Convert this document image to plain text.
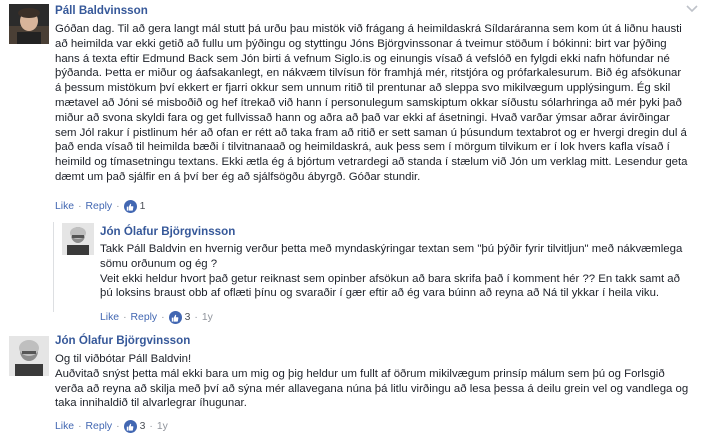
Páll Baldvinsson
Góðan dag. Til að gera langt mál stutt þá urðu þau mistök við frágang á heimildaskrá Síldaráranna sem kom út á liðnu hausti
að heimilda var ekki getið að fullu um þýðingu og styttingu Jóns Björgvinssonar á tveimur stöðum í bókinni: birt var þýðing
hans á texta eftir Edmund Back sem Jón birti á vefnum Siglo.is og einungis vísað á vefslóð en fylgdi ekki nafn höfundar né
þýðanda. Þetta er miður og áafsakanlegt, en nákvæm tilvísun för framhjá mér, ritstjóra og prófarkalesurum. Bið ég afsökunar
á þessum mistökum því ekkert er fjarri okkur sem unnum ritið til prentunar að sleppa svo mikilvægum upplýsingum. Ég skil
mætavel að Jóni sé misboðið og hef ítrekað við hann í personulegum samskiptum okkar síðustu sólarhringa að mér þyki það
miður að svona skyldi fara og get fullvissað hann og aðra að það var ekki af ásetningi. Hvað varðar ýmsar aðrar ávirðingar
sem Jól rakur í pistlinum hér að ofan er rétt að taka fram að ritið er sett saman ú þúsundum textabrot og er hvergi dregin dul á
það enda vísað til heimilda bæði í tilvitnanaað og heimildaskrá, auk þess sem í mörgum tilvikum er í lok hvers kafla vísað í
heimild og tímasetningu textans. Ekki ætla ég á bjórtum vetrardegi að standa í stælum við Jón um verklag mitt. Lesendur geta
dæmt um það sjálfir en á því ber ég að sjálfsögðu ábyrgð. Góðar stundir.
Like · Reply · 1
Jón Ólafur Björgvinsson
Takk Páll Baldvin en hvernig verður þetta með myndaskýringar textan sem "þú þýðir fyrir tilvitljun" með nákvæmlega
sömu orðunum og ég ?
Veit ekki heldur hvort það getur reiknast sem opinber afsökun að bara skrifa það í komment hér ?? En takk samt að
þú loksins braust obb af oflæti þínu og svaraðir í gær eftir að ég vara búinn að reyna að Ná til ykkar í heila viku.
Like · Reply · 3 · 1y
Jón Ólafur Björgvinsson
Og til viðbótar Páll Baldvin!
Auðvitað snýst þetta mál ekki bara um mig og þig heldur um fullt af öðrum mikilvægum prinsíp málum sem þú og Forlsgið
verða að reyna að skilja með því að sýna mér allavegana núna þá litlu virðingu að lesa þessa á deilu grein vel og vandlega og
taka innihaldið til alvarlegrar íhugunar.
Like · Reply · 3 · 1y
